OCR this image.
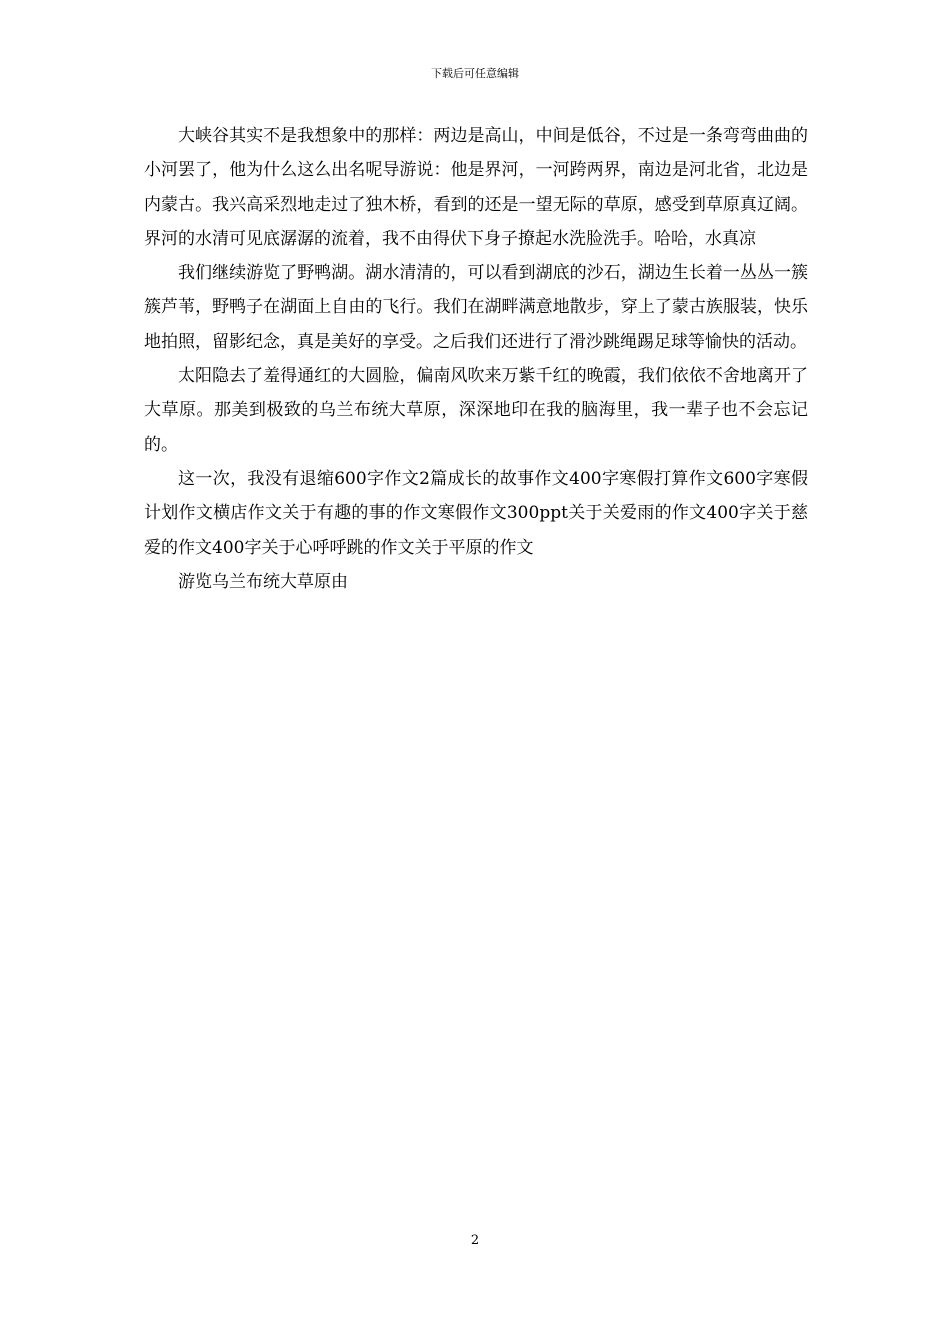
下载后可任意编辑

大峡谷其实不是我想象中的那样：两边是高山，中间是低谷，不过是一条弯弯曲曲的小河罢了，他为什么这么出名呢导游说：他是界河，一河跨两界，南边是河北省，北边是内蒙古。我兴高采烈地走过了独木桥，看到的还是一望无际的草原，感受到草原真辽阔。界河的水清可见底潺潺的流着，我不由得伏下身子撩起水洗脸洗手。哈哈，水真凉

我们继续游览了野鸭湖。湖水清清的，可以看到湖底的沙石，湖边生长着一丛丛一簇簇芦苇，野鸭子在湖面上自由的飞行。我们在湖畔满意地散步，穿上了蒙古族服装，快乐地拍照，留影纪念，真是美好的享受。之后我们还进行了滑沙跳绳踢足球等愉快的活动。

太阳隐去了羞得通红的大圆脸，偏南风吹来万紫千红的晚霞，我们依依不舍地离开了大草原。那美到极致的乌兰布统大草原，深深地印在我的脑海里，我一辈子也不会忘记的。

这一次，我没有退缩600字作文2篇成长的故事作文400字寒假打算作文600字寒假计划作文横店作文关于有趣的事的作文寒假作文300ppt关于关爱雨的作文400字关于慈爱的作文400字关于心呼呼跳的作文关于平原的作文

游览乌兰布统大草原由

2
